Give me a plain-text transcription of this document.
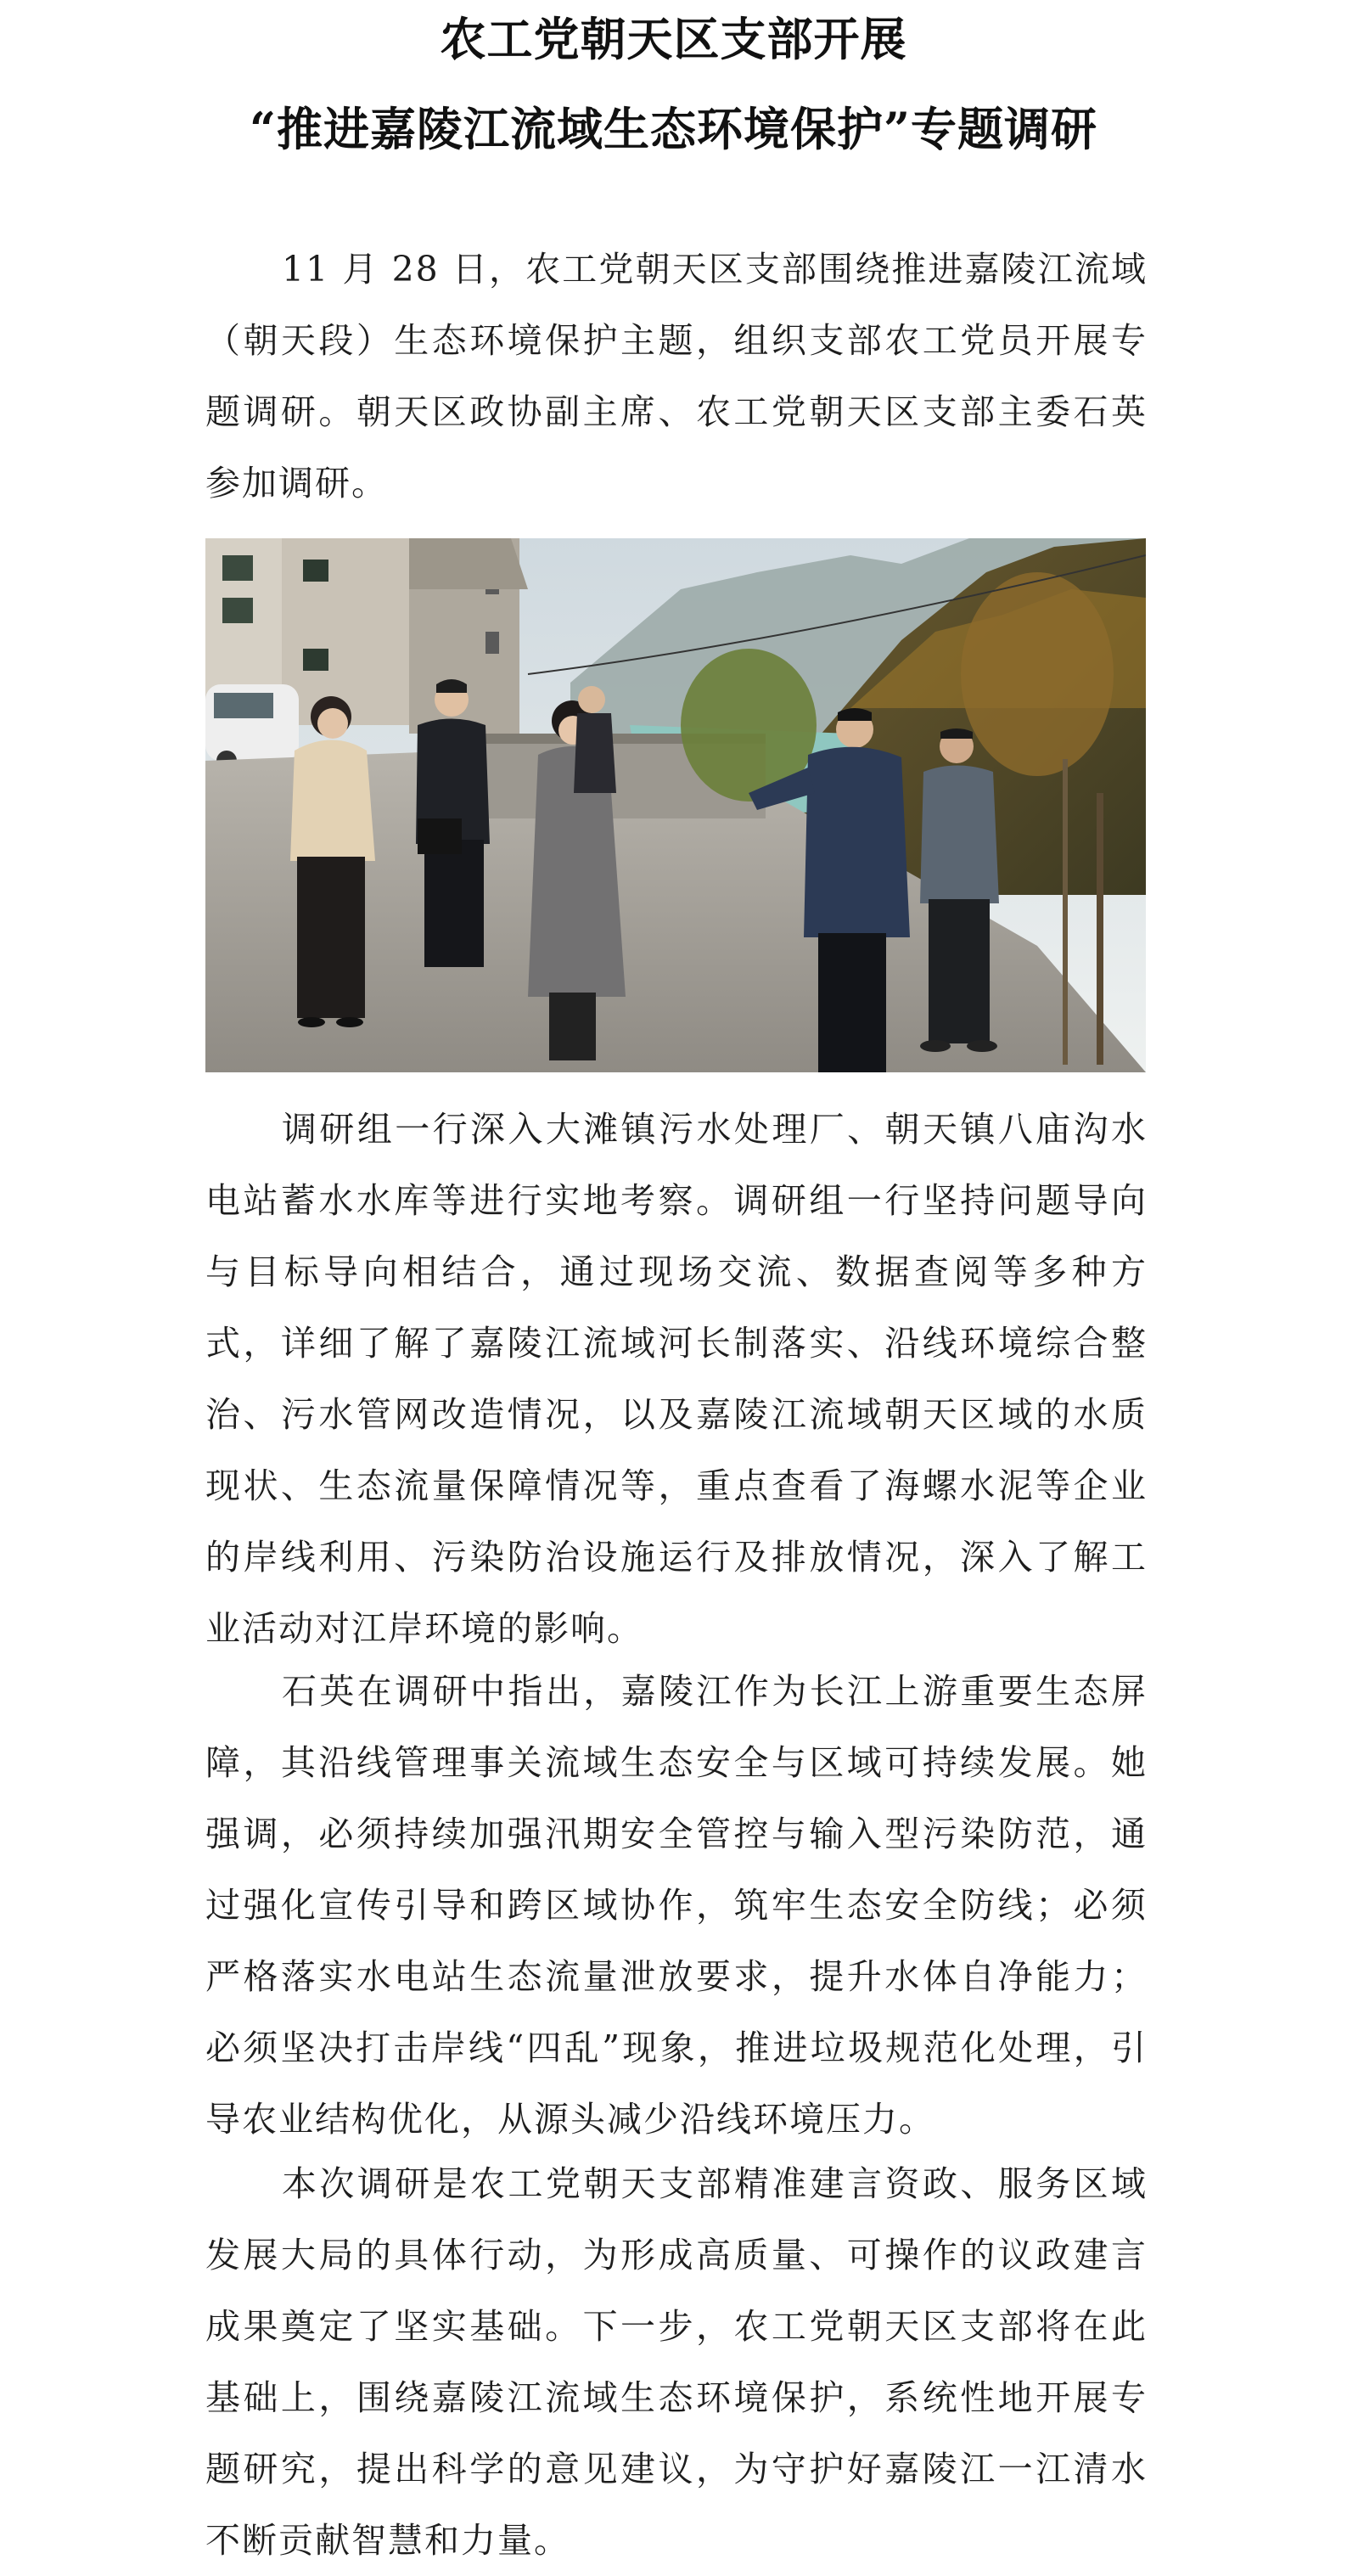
农工党朝天区支部开展
“推进嘉陵江流域生态环境保护”专题调研

11 月 28 日，农工党朝天区支部围绕推进嘉陵江流域（朝天段）生态环境保护主题，组织支部农工党员开展专题调研。朝天区政协副主席、农工党朝天区支部主委石英参加调研。

调研组一行深入大滩镇污水处理厂、朝天镇八庙沟水电站蓄水水库等进行实地考察。调研组一行坚持问题导向与目标导向相结合，通过现场交流、数据查阅等多种方式，详细了解了嘉陵江流域河长制落实、沿线环境综合整治、污水管网改造情况，以及嘉陵江流域朝天区域的水质现状、生态流量保障情况等，重点查看了海螺水泥等企业的岸线利用、污染防治设施运行及排放情况，深入了解工业活动对江岸环境的影响。

石英在调研中指出，嘉陵江作为长江上游重要生态屏障，其沿线管理事关流域生态安全与区域可持续发展。她强调，必须持续加强汛期安全管控与输入型污染防范，通过强化宣传引导和跨区域协作，筑牢生态安全防线；必须严格落实水电站生态流量泄放要求，提升水体自净能力；必须坚决打击岸线“四乱”现象，推进垃圾规范化处理，引导农业结构优化，从源头减少沿线环境压力。

本次调研是农工党朝天支部精准建言资政、服务区域发展大局的具体行动，为形成高质量、可操作的议政建言成果奠定了坚实基础。下一步，农工党朝天区支部将在此基础上，围绕嘉陵江流域生态环境保护，系统性地开展专题研究，提出科学的意见建议，为守护好嘉陵江一江清水不断贡献智慧和力量。
